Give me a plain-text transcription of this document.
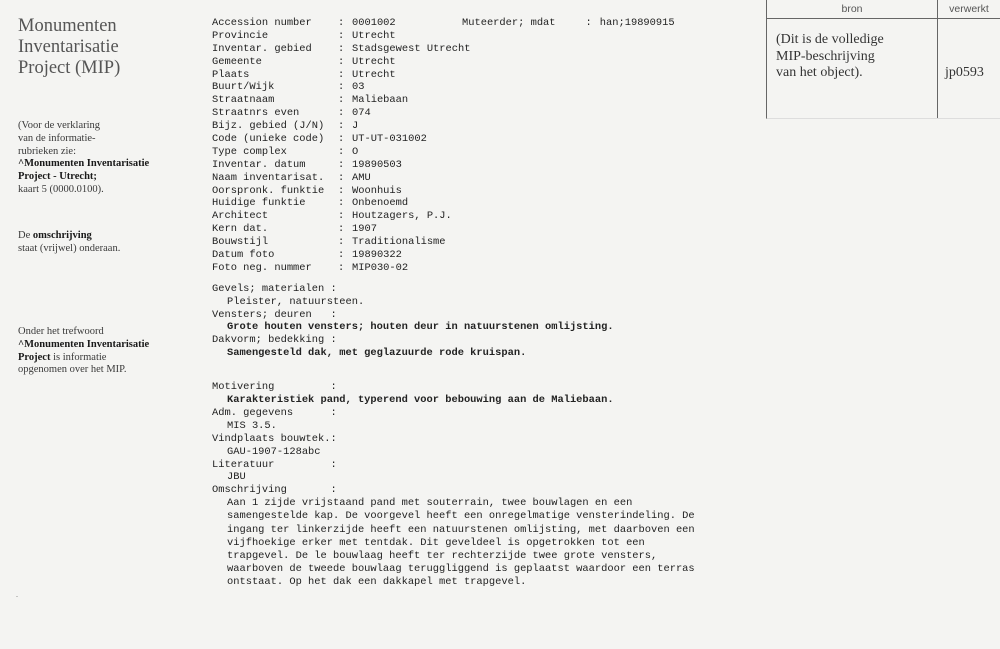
Monumenten
Inventarisatie
Project (MIP)
(Voor de verklaring
van de informatie-
rubrieken zie:
^Monumenten Inventarisatie
Project - Utrecht;
kaart 5 (0000.0100).
De omschrijving
staat (vrijwel) onderaan.
Onder het trefwoord
^Monumenten Inventarisatie
Project is informatie
opgenomen over het MIP.
.
Accession number	: 0001002	Muteerder; mdat	: han;19890915
Provincie	: Utrecht
Inventar. gebied	: Stadsgewest Utrecht
Gemeente	: Utrecht
Plaats	: Utrecht
Buurt/Wijk	: 03
Straatnaam	: Maliebaan
Straatnrs even	: 074
Bijz. gebied (J/N)	: J
Code (unieke code)	: UT-UT-031002
Type complex	: O
Inventar. datum	: 19890503
Naam inventarisat.	: AMU
Oorspronk. funktie	: Woonhuis
Huidige funktie	: Onbenoemd
Architect	: Houtzagers, P.J.
Kern dat.	: 1907
Bouwstijl	: Traditionalisme
Datum foto	: 19890322
Foto neg. nummer	: MIP030-02
Gevels; materialen :
Pleister, natuursteen.
Vensters; deuren   :
Grote houten vensters; houten deur in natuurstenen omlijsting.
Dakvorm; bedekking :
Samengesteld dak, met geglazuurde rode kruispan.
Motivering         :
Karakteristiek pand, typerend voor bebouwing aan de Maliebaan.
Adm. gegevens      :
MIS 3.5.
Vindplaats bouwtek.:
GAU-1907-128abc
Literatuur         :
JBU
Omschrijving       :
Aan 1 zijde vrijstaand pand met souterrain, twee bouwlagen en een
samengestelde kap. De voorgevel heeft een onregelmatige vensterindeling. De
ingang ter linkerzijde heeft een natuurstenen omlijsting, met daarboven een
vijfhoekige erker met tentdak. Dit geveldeel is opgetrokken tot een
trapgevel. De le bouwlaag heeft ter rechterzijde twee grote vensters,
waarboven de tweede bouwlaag teruggliggend is geplaatst waardoor een terras
ontstaat. Op het dak een dakkapel met trapgevel.
bron	verwerkt
(Dit is de volledige
MIP-beschrijving
van het object).	jp0593
